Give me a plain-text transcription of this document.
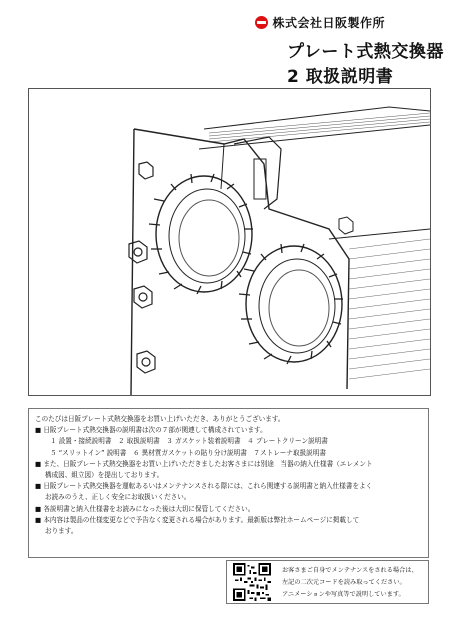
株式会社日阪製作所
プレート式熱交換器
2 取扱説明書
このたびは日阪プレート式熱交換器をお買い上げいただき、ありがとうございます。
■ 日阪プレート式熱交換器の説明書は次の７部が関連して構成されています。
１ 設置・接続説明書　２ 取扱説明書　３ ガスケット装着説明書　４ プレートクリーン説明書
５ “スリットイン” 説明書　６ 異材質ガスケットの貼り分け説明書　７ストレーナ取扱説明書
■ また、日阪プレート式熱交換器をお買い上げいただきましたお客さまには別途　当器の納入仕様書（エレメント
構成図、組立図）を提出しております。
■ 日阪プレート式熱交換器を運転あるいはメンテナンスされる際には、これら関連する説明書と納入仕様書をよく
お読みのうえ、正しく安全にお取扱いください。
■ 各説明書と納入仕様書をお読みになった後は大切に保管してください。
■ 本内容は製品の仕様変更などで予告なく変更される場合があります。最新版は弊社ホームページに掲載して
おります。
お客さまご自身でメンテナンスをされる場合は、
左記の二次元コードを読み取ってください。
アニメーションや写真等で説明しています。
